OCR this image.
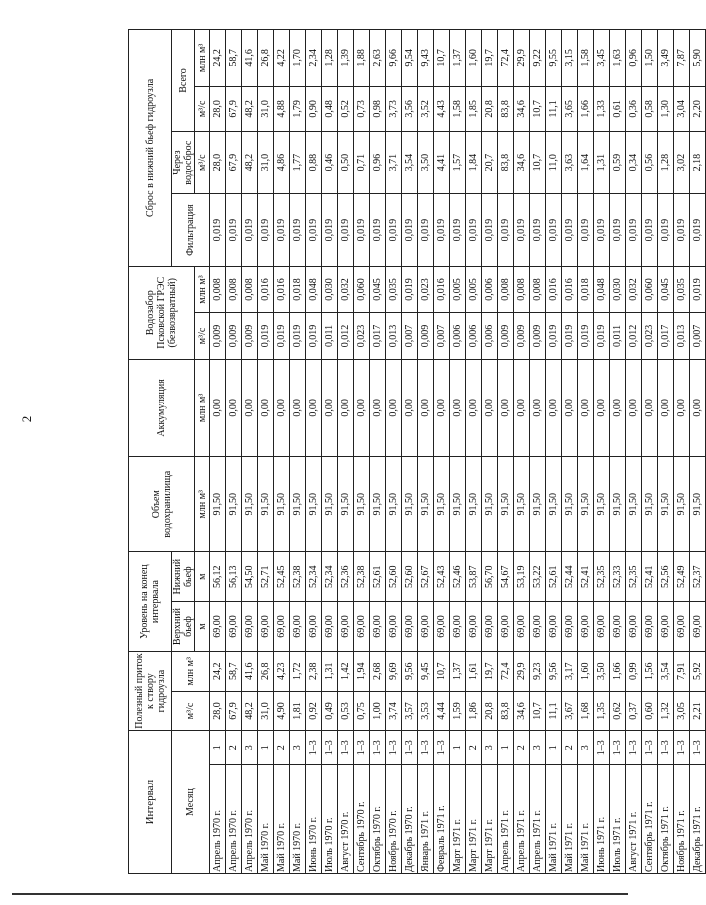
2
Интервал		Полезный приток к створу гидроузла		Уровень на конец интервала		Объем водохранилища	Аккумуляция	Водозабор Псковской ГРЭС (безвозвратный)		Сброс в нижний бьеф гидроузла			
Месяц		м³/с	млн м³	Верхний бьеф	Нижний бьеф					Фильтрация	Через водосброс	Всего	
				м	м	млн м³	млн м³	м³/с	млн м³		м³/с	м³/с	млн м³
Апрель 1970 г.	1	28,0	24,2	69,00	56,12	91,50	0,00	0,009	0,008	0,019	28,0	28,0	24,2
Апрель 1970 г.	2	67,9	58,7	69,00	56,13	91,50	0,00	0,009	0,008	0,019	67,9	67,9	58,7
Апрель 1970 г.	3	48,2	41,6	69,00	54,50	91,50	0,00	0,009	0,008	0,019	48,2	48,2	41,6
Май 1970 г.	1	31,0	26,8	69,00	52,71	91,50	0,00	0,019	0,016	0,019	31,0	31,0	26,8
Май 1970 г.	2	4,90	4,23	69,00	52,45	91,50	0,00	0,019	0,016	0,019	4,86	4,88	4,22
Май 1970 г.	3	1,81	1,72	69,00	52,38	91,50	0,00	0,019	0,018	0,019	1,77	1,79	1,70
Июнь 1970 г.	1–3	0,92	2,38	69,00	52,34	91,50	0,00	0,019	0,048	0,019	0,88	0,90	2,34
Июль 1970 г.	1–3	0,49	1,31	69,00	52,34	91,50	0,00	0,011	0,030	0,019	0,46	0,48	1,28
Август 1970 г.	1–3	0,53	1,42	69,00	52,36	91,50	0,00	0,012	0,032	0,019	0,50	0,52	1,39
Сентябрь 1970 г.	1–3	0,75	1,94	69,00	52,38	91,50	0,00	0,023	0,060	0,019	0,71	0,73	1,88
Октябрь 1970 г.	1–3	1,00	2,68	69,00	52,61	91,50	0,00	0,017	0,045	0,019	0,96	0,98	2,63
Ноябрь 1970 г.	1–3	3,74	9,69	69,00	52,60	91,50	0,00	0,013	0,035	0,019	3,71	3,73	9,66
Декабрь 1970 г.	1–3	3,57	9,56	69,00	52,60	91,50	0,00	0,007	0,019	0,019	3,54	3,56	9,54
Январь 1971 г.	1–3	3,53	9,45	69,00	52,67	91,50	0,00	0,009	0,023	0,019	3,50	3,52	9,43
Февраль 1971 г.	1–3	4,44	10,7	69,00	52,43	91,50	0,00	0,007	0,016	0,019	4,41	4,43	10,7
Март 1971 г.	1	1,59	1,37	69,00	52,46	91,50	0,00	0,006	0,005	0,019	1,57	1,58	1,37
Март 1971 г.	2	1,86	1,61	69,00	53,87	91,50	0,00	0,006	0,005	0,019	1,84	1,85	1,60
Март 1971 г.	3	20,8	19,7	69,00	56,70	91,50	0,00	0,006	0,006	0,019	20,7	20,8	19,7
Апрель 1971 г.	1	83,8	72,4	69,00	54,67	91,50	0,00	0,009	0,008	0,019	83,8	83,8	72,4
Апрель 1971 г.	2	34,6	29,9	69,00	53,19	91,50	0,00	0,009	0,008	0,019	34,6	34,6	29,9
Апрель 1971 г.	3	10,7	9,23	69,00	53,22	91,50	0,00	0,009	0,008	0,019	10,7	10,7	9,22
Май 1971 г.	1	11,1	9,56	69,00	52,61	91,50	0,00	0,019	0,016	0,019	11,0	11,1	9,55
Май 1971 г.	2	3,67	3,17	69,00	52,44	91,50	0,00	0,019	0,016	0,019	3,63	3,65	3,15
Май 1971 г.	3	1,68	1,60	69,00	52,41	91,50	0,00	0,019	0,018	0,019	1,64	1,66	1,58
Июнь 1971 г.	1–3	1,35	3,50	69,00	52,35	91,50	0,00	0,019	0,048	0,019	1,31	1,33	3,45
Июль 1971 г.	1–3	0,62	1,66	69,00	52,33	91,50	0,00	0,011	0,030	0,019	0,59	0,61	1,63
Август 1971 г.	1–3	0,37	0,99	69,00	52,35	91,50	0,00	0,012	0,032	0,019	0,34	0,36	0,96
Сентябрь 1971 г.	1–3	0,60	1,56	69,00	52,41	91,50	0,00	0,023	0,060	0,019	0,56	0,58	1,50
Октябрь 1971 г.	1–3	1,32	3,54	69,00	52,56	91,50	0,00	0,017	0,045	0,019	1,28	1,30	3,49
Ноябрь 1971 г.	1–3	3,05	7,91	69,00	52,49	91,50	0,00	0,013	0,035	0,019	3,02	3,04	7,87
Декабрь 1971 г.	1–3	2,21	5,92	69,00	52,37	91,50	0,00	0,007	0,019	0,019	2,18	2,20	5,90
